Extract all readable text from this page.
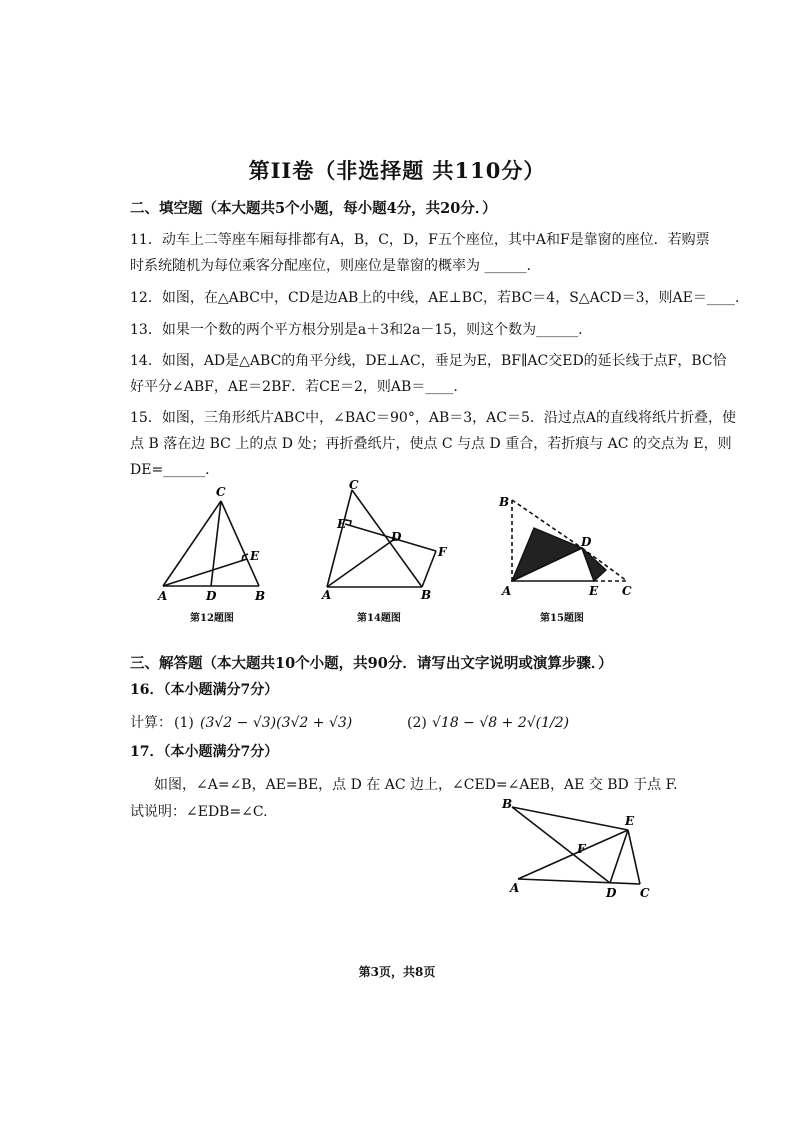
第II卷（非选择题 共110分）
二、填空题（本大题共5个小题，每小题4分，共20分．）
11．动车上二等座车厢每排都有A，B，C，D，F五个座位，其中A和F是靠窗的座位．若购票
时系统随机为每位乘客分配座位，则座位是靠窗的概率为 ______.
12．如图，在△ABC中，CD是边AB上的中线，AE⊥BC，若BC＝4，S△ACD＝3，则AE＝____.
13．如果一个数的两个平方根分别是a＋3和2a－15，则这个数为______.
14．如图，AD是△ABC的角平分线，DE⊥AC，垂足为E，BF∥AC交ED的延长线于点F，BC恰
好平分∠ABF，AE＝2BF．若CE＝2，则AB＝____.
15．如图，三角形纸片ABC中，∠BAC＝90°，AB＝3，AC＝5．沿过点A的直线将纸片折叠，使
点 B 落在边 BC 上的点 D 处；再折叠纸片，使点 C 与点 D 重合，若折痕与 AC 的交点为 E，则
DE=______.
C
E
A	D	B
第12题图
C
E
D
F
A	B
第14题图
B
D
A	E C
第15题图
三、解答题（本大题共10个小题，共90分．请写出文字说明或演算步骤．）
16．（本小题满分7分）
计算： (1) (3√2 − √3)(3√2 + √3)	(2) √18 − √8 + 2√(1/2)
17．（本小题满分7分）
如图，∠A=∠B，AE=BE，点 D 在 AC 边上，∠CED=∠AEB，AE 交 BD 于点 F.
试说明：∠EDB=∠C.	B
E
F
A	D C
第3页，共8页
